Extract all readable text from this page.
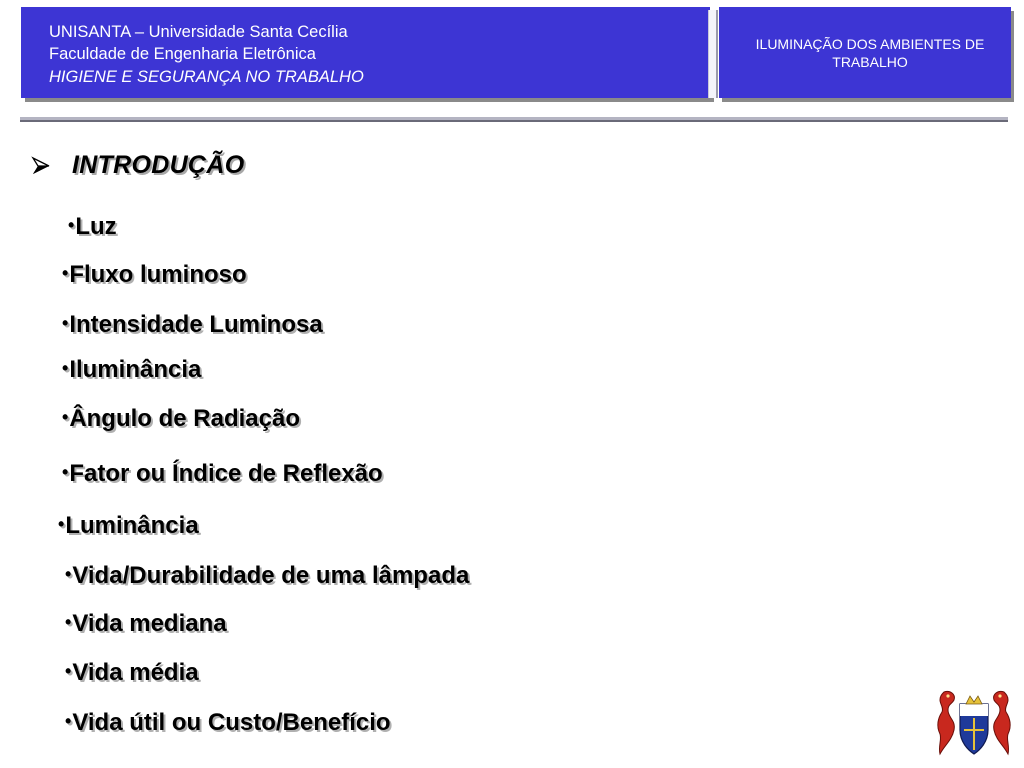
UNISANTA – Universidade Santa Cecília
Faculdade de Engenharia Eletrônica
HIGIENE E SEGURANÇA NO TRABALHO
ILUMINAÇÃO DOS AMBIENTES DE TRABALHO
INTRODUÇÃO
•Luz
•Fluxo luminoso
•Intensidade Luminosa
•Iluminância
•Ângulo de Radiação
•Fator ou Índice de Reflexão
•Luminância
•Vida/Durabilidade de uma lâmpada
•Vida mediana
•Vida média
•Vida útil ou Custo/Benefício
